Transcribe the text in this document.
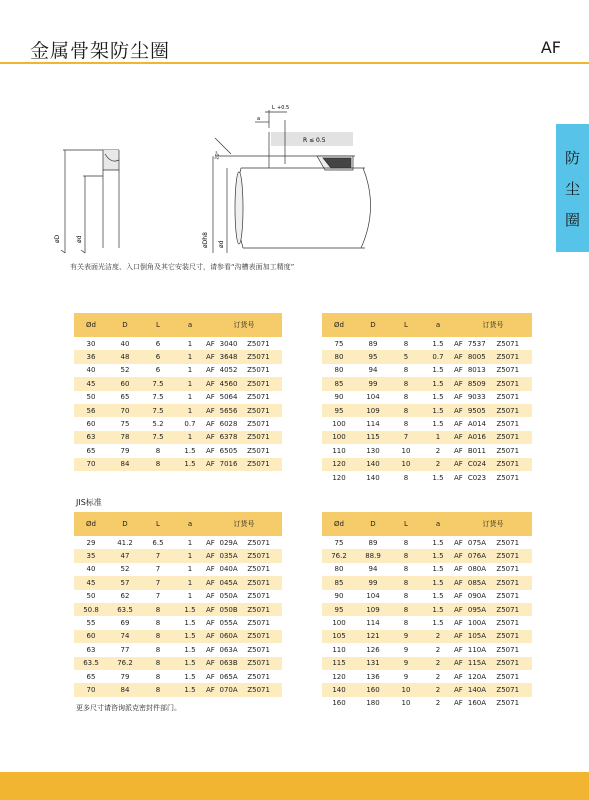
金属骨架防尘圈	AF
防
尘
圈
øD	ød
L +0.5
a
10°
R ≤ 0.5
øDh8 ød
有关表面光洁度、入口倒角及其它安装尺寸，请参看“沟槽表面加工精度”
Ød	D	L	a	订货号		
30	40	6	1	AF	3040	Z5071
36	48	6	1	AF	3648	Z5071
40	52	6	1	AF	4052	Z5071
45	60	7.5	1	AF	4560	Z5071
50	65	7.5	1	AF	5064	Z5071
56	70	7.5	1	AF	5656	Z5071
60	75	5.2	0.7	AF	6028	Z5071
63	78	7.5	1	AF	6378	Z5071
65	79	8	1.5	AF	6505	Z5071
70	84	8	1.5	AF	7016	Z5071
Ød	D	L	a	订货号		
75	89	8	1.5	AF	7537	Z5071
80	95	5	0.7	AF	8005	Z5071
80	94	8	1.5	AF	8013	Z5071
85	99	8	1.5	AF	8509	Z5071
90	104	8	1.5	AF	9033	Z5071
95	109	8	1.5	AF	9505	Z5071
100	114	8	1.5	AF	A014	Z5071
100	115	7	1	AF	A016	Z5071
110	130	10	2	AF	B011	Z5071
120	140	10	2	AF	C024	Z5071
120	140	8	1.5	AF	C023	Z5071
JIS标准
Ød	D	L	a	订货号		
29	41.2	6.5	1	AF	029A	Z5071
35	47	7	1	AF	035A	Z5071
40	52	7	1	AF	040A	Z5071
45	57	7	1	AF	045A	Z5071
50	62	7	1	AF	050A	Z5071
50.8	63.5	8	1.5	AF	050B	Z5071
55	69	8	1.5	AF	055A	Z5071
60	74	8	1.5	AF	060A	Z5071
63	77	8	1.5	AF	063A	Z5071
63.5	76.2	8	1.5	AF	063B	Z5071
65	79	8	1.5	AF	065A	Z5071
70	84	8	1.5	AF	070A	Z5071
Ød	D	L	a	订货号		
75	89	8	1.5	AF	075A	Z5071
76.2	88.9	8	1.5	AF	076A	Z5071
80	94	8	1.5	AF	080A	Z5071
85	99	8	1.5	AF	085A	Z5071
90	104	8	1.5	AF	090A	Z5071
95	109	8	1.5	AF	095A	Z5071
100	114	8	1.5	AF	100A	Z5071
105	121	9	2	AF	105A	Z5071
110	126	9	2	AF	110A	Z5071
115	131	9	2	AF	115A	Z5071
120	136	9	2	AF	120A	Z5071
140	160	10	2	AF	140A	Z5071
160	180	10	2	AF	160A	Z5071
更多尺寸请咨询派克密封件部门。
